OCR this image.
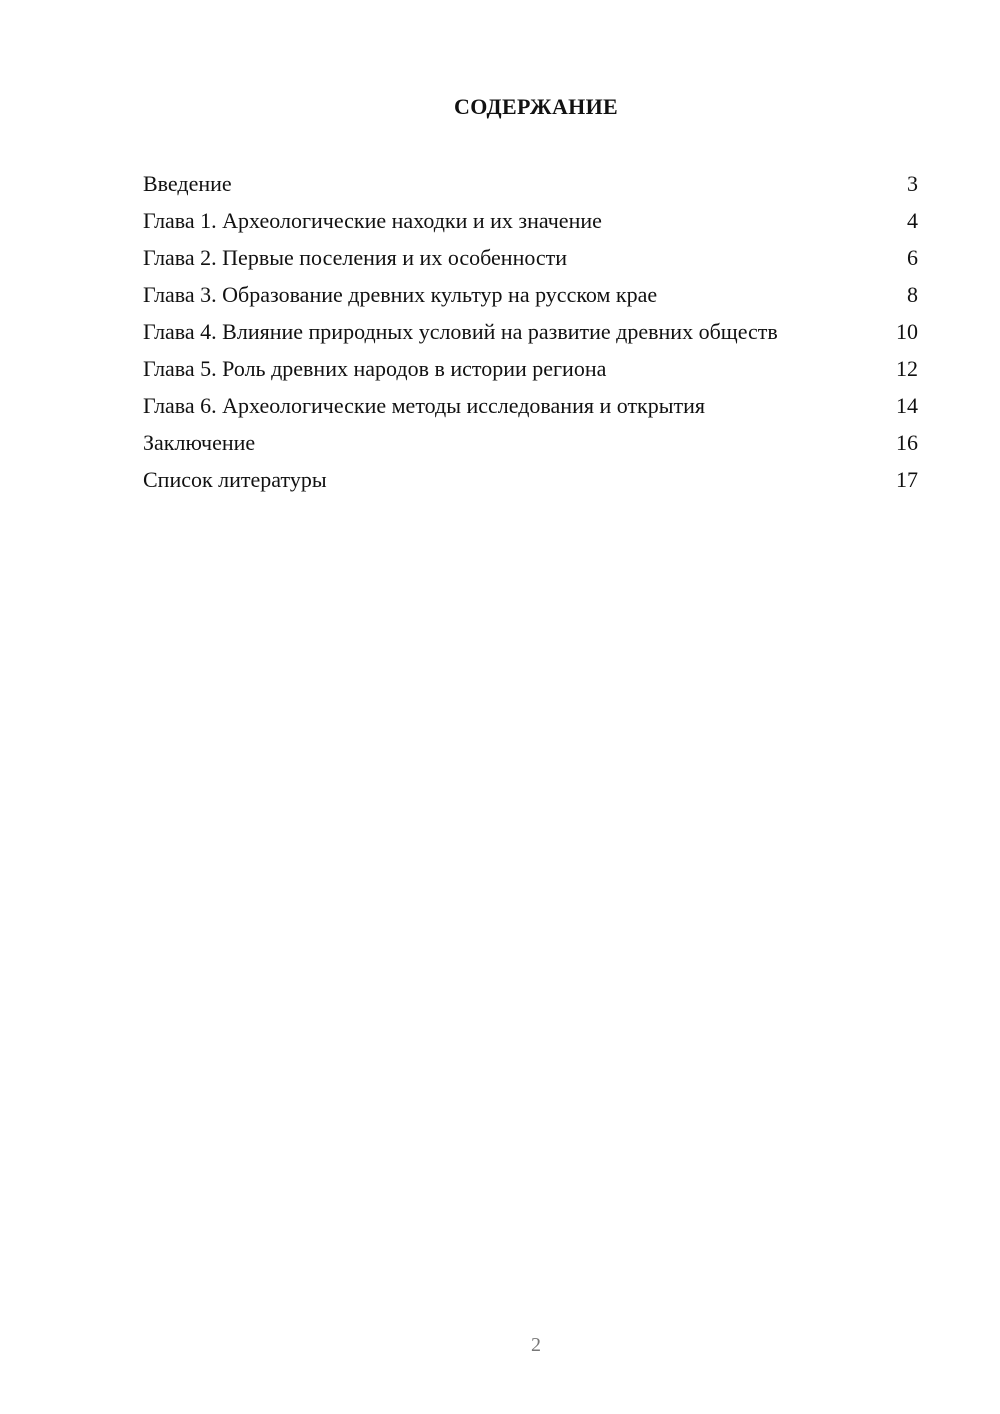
СОДЕРЖАНИЕ
Введение	3
Глава 1. Археологические находки и их значение	4
Глава 2. Первые поселения и их особенности	6
Глава 3. Образование древних культур на русском крае	8
Глава 4. Влияние природных условий на развитие древних обществ	10
Глава 5. Роль древних народов в истории региона	12
Глава 6. Археологические методы исследования и открытия	14
Заключение	16
Список литературы	17
2
